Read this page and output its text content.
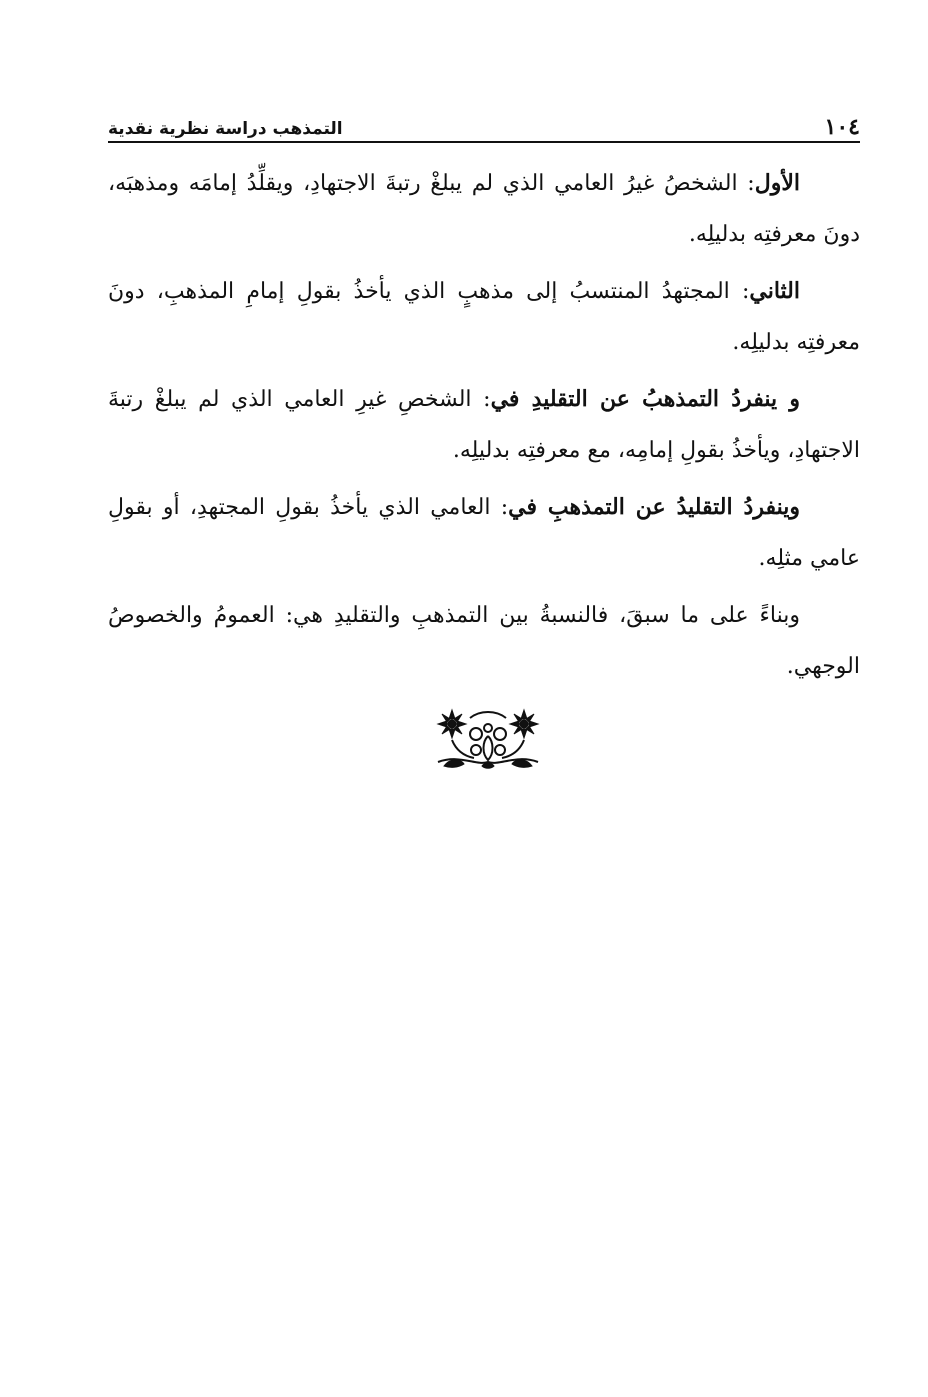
١٠٤
التمذهب دراسة نظرية نقدية

الأول: الشخصُ غيرُ العامي الذي لم يبلغْ رتبةَ الاجتهادِ، ويقلِّدُ إمامَه ومذهبَه، دونَ معرفتِه بدليلِه.

الثاني: المجتهدُ المنتسبُ إلى مذهبٍ الذي يأخذُ بقولِ إمامِ المذهبِ، دونَ معرفتِه بدليلِه.

و ينفردُ التمذهبُ عن التقليدِ في: الشخصِ غيرِ العامي الذي لم يبلغْ رتبةَ الاجتهادِ، ويأخذُ بقولِ إمامِه، مع معرفتِه بدليلِه.

وينفردُ التقليدُ عن التمذهبِ في: العامي الذي يأخذُ بقولِ المجتهدِ، أو بقولِ عامي مثلِه.

وبناءً على ما سبقَ، فالنسبةُ بين التمذهبِ والتقليدِ هي: العمومُ والخصوصُ الوجهي.
